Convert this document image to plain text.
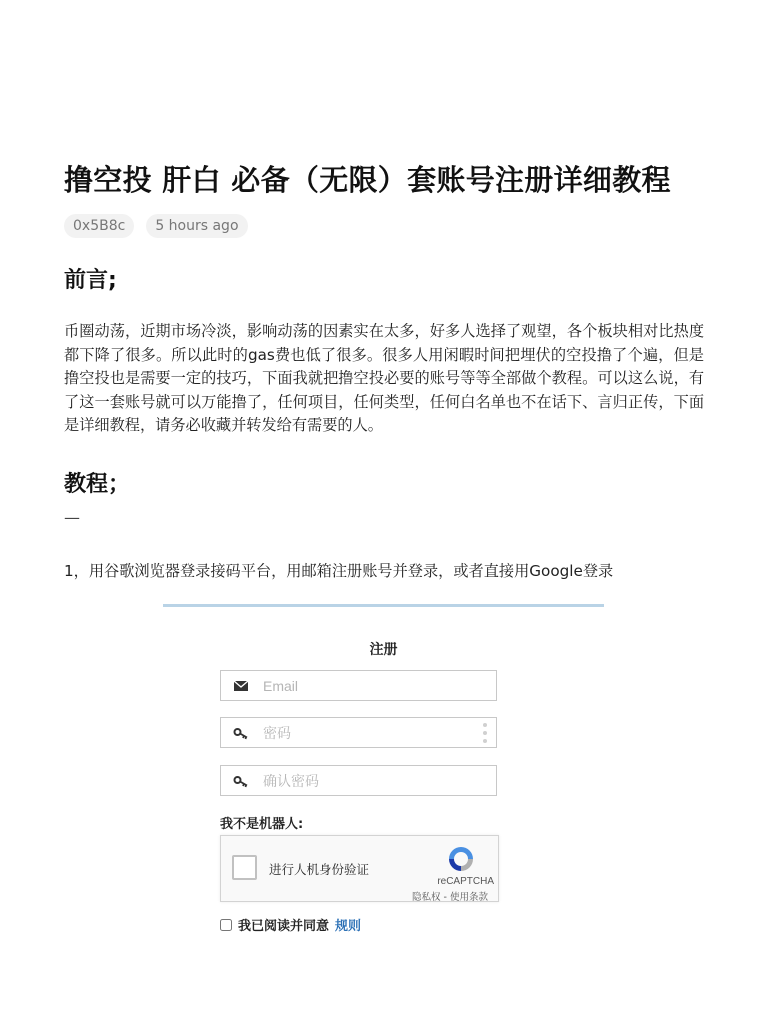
撸空投 肝白 必备（无限）套账号注册详细教程
0x5B8c	5 hours ago
前言;

币圈动荡，近期市场冷淡，影响动荡的因素实在太多，好多人选择了观望，各个板块相对比热度都下降了很多。所以此时的gas费也低了很多。很多人用闲暇时间把埋伏的空投撸了个遍，但是撸空投也是需要一定的技巧，下面我就把撸空投必要的账号等等全部做个教程。可以这么说，有了这一套账号就可以万能撸了，任何项目，任何类型，任何白名单也不在话下、言归正传，下面是详细教程，请务必收藏并转发给有需要的人。

教程；
—
1，用谷歌浏览器登录接码平台，用邮箱注册账号并登录，或者直接用Google登录
注册
Email
我不是机器人:
进行人机身份验证
reCAPTCHA
隐私权 - 使用条款
我已阅读并同意 规则
